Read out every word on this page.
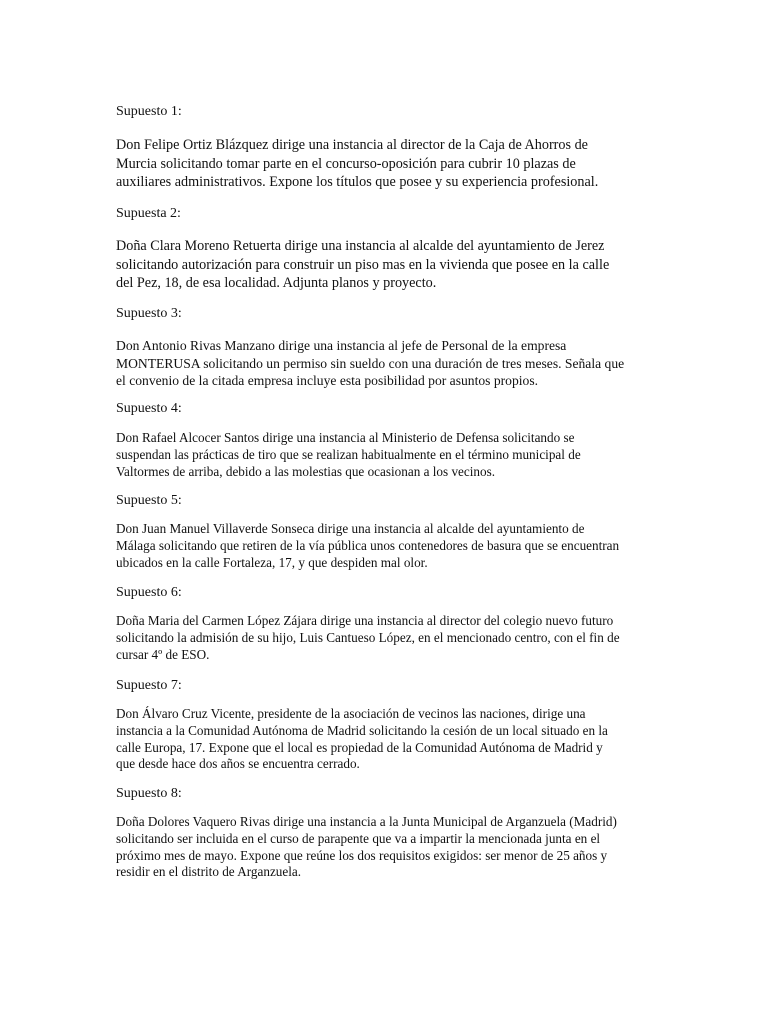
Supuesto 1:
Don Felipe Ortiz Blázquez dirige una instancia al director de la Caja de Ahorros de
Murcia solicitando tomar parte en el concurso-oposición para cubrir 10 plazas de
auxiliares administrativos. Expone los títulos que posee y su experiencia profesional.
Supuesta 2:
Doña Clara Moreno Retuerta dirige una instancia al alcalde del ayuntamiento de Jerez
solicitando autorización para construir un piso mas en la vivienda que posee en la calle
del Pez, 18, de esa localidad. Adjunta planos y proyecto.
Supuesto 3:
Don Antonio Rivas Manzano dirige una instancia al jefe de Personal de la empresa
MONTERUSA solicitando un permiso sin sueldo con una duración de tres meses. Señala que
el convenio de la citada empresa incluye esta posibilidad por asuntos propios.
Supuesto 4:
Don Rafael Alcocer Santos dirige una instancia al Ministerio de Defensa solicitando se
suspendan las prácticas de tiro que se realizan habitualmente en el término municipal de
Valtormes de arriba, debido a las molestias que ocasionan a los vecinos.
Supuesto 5:
Don Juan Manuel Villaverde Sonseca dirige una instancia al alcalde del ayuntamiento de
Málaga solicitando que retiren de la vía pública unos contenedores de basura que se encuentran
ubicados en la calle Fortaleza, 17, y que despiden mal olor.
Supuesto 6:
Doña Maria del Carmen López Zájara dirige una instancia al director del colegio nuevo futuro
solicitando la admisión de su hijo, Luis Cantueso López, en el mencionado centro, con el fin de
cursar 4º de ESO.
Supuesto 7:
Don Álvaro Cruz Vicente, presidente de la asociación de vecinos las naciones, dirige una
instancia a la Comunidad Autónoma de Madrid solicitando la cesión de un local situado en la
calle Europa, 17. Expone que el local es propiedad de la Comunidad Autónoma de Madrid y
que desde hace dos años se encuentra cerrado.
Supuesto 8:
Doña Dolores Vaquero Rivas dirige una instancia a la Junta Municipal de Arganzuela (Madrid)
solicitando ser incluida en el curso de parapente que va a impartir la mencionada junta en el
próximo mes de mayo. Expone que reúne los dos requisitos exigidos: ser menor de 25 años y
residir en el distrito de Arganzuela.
